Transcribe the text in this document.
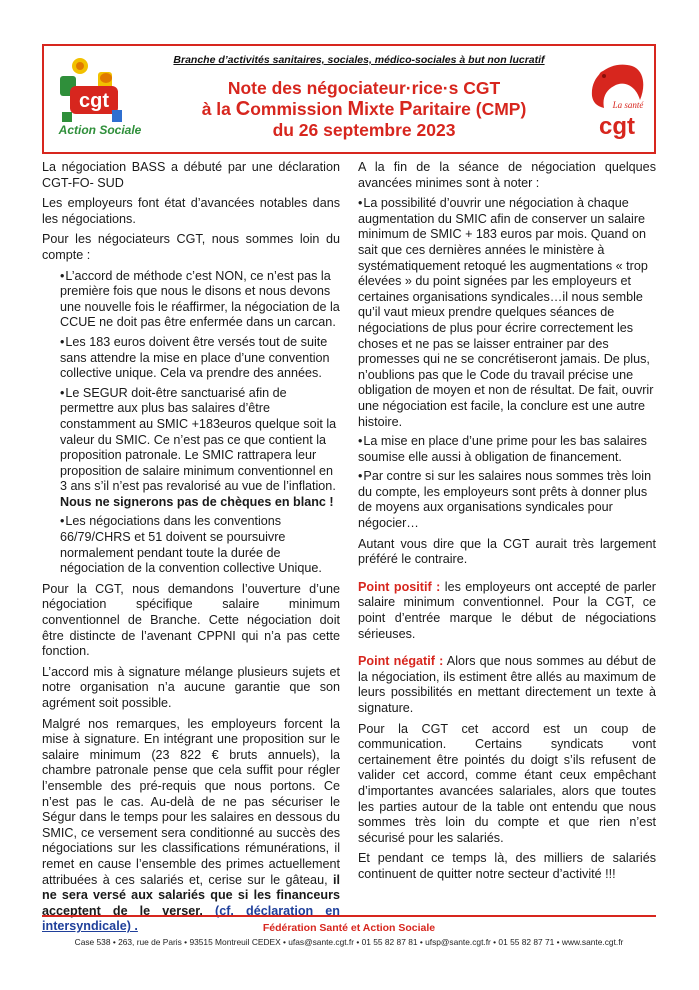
cgt
Action Sociale
Branche d’activités sanitaires, sociales, médico-sociales à but non lucratif
Note des négociateur·rice·s CGT
à la Commission Mixte Paritaire (CMP)
du 26 septembre 2023
La santé
cgt

La négociation BASS a débuté par une déclaration CGT-FO- SUD

Les employeurs font état d’avancées notables dans les négociations.

Pour les négociateurs CGT, nous sommes loin du compte :

• L’accord de méthode c’est NON, ce n’est pas la première fois que nous le disons et nous devons une nouvelle fois le réaffirmer, la négociation de la CCUE ne doit pas être enfermée dans un carcan.
• Les 183 euros doivent être versés tout de suite sans attendre la mise en place d’une convention collective unique. Cela va prendre des années.
• Le SEGUR doit-être sanctuarisé afin de permettre aux plus bas salaires d’être constamment au SMIC +183euros quelque soit la valeur du SMIC. Ce n’est pas ce que contient la proposition patronale. Le SMIC rattrapera leur proposition de salaire minimum conventionnel en 3 ans s’il n’est pas revalorisé au vue de l’inflation. Nous ne signerons pas de chèques en blanc !
• Les négociations dans les conventions 66/79/CHRS et 51 doivent se poursuivre normalement pendant toute la durée de négociation de la convention collective Unique.

Pour la CGT, nous demandons l’ouverture d’une négociation spécifique salaire minimum conventionnel de Branche. Cette négociation doit être distincte de l’avenant CPPNI qui n’a pas cette fonction.

L’accord mis à signature mélange plusieurs sujets et notre organisation n’a aucune garantie que son agrément soit possible.

Malgré nos remarques, les employeurs forcent la mise à signature. En intégrant une proposition sur le salaire minimum (23 822 € bruts annuels), la chambre patronale pense que cela suffit pour régler l’ensemble des pré-requis que nous portons. Ce n’est pas le cas. Au-delà de ne pas sécuriser le Ségur dans le temps pour les salaires en dessous du SMIC, ce versement sera conditionné au succès des négociations sur les classifications rémunérations, il remet en cause l’ensemble des primes actuellement attribuées à ces salariés et, cerise sur le gâteau, il ne sera versé aux salariés que si les financeurs acceptent de le verser. (cf. déclaration en intersyndicale) .

A la fin de la séance de négociation quelques avancées minimes sont à noter :

• La possibilité d’ouvrir une négociation à chaque augmentation du SMIC afin de conserver un salaire minimum de SMIC + 183 euros par mois. Quand on sait que ces dernières années le ministère à systématiquement retoqué les augmentations « trop élevées » du point signées par les employeurs et certaines organisations syndicales…il nous semble qu’il vaut mieux prendre quelques séances de négociations de plus pour écrire correctement les choses et ne pas se laisser entrainer par des promesses qui ne se concrétiseront jamais. De plus, n’oublions pas que le Code du travail précise une obligation de moyen et non de résultat. De fait, ouvrir une négociation est facile, la conclure est une autre histoire.
• La mise en place d’une prime pour les bas salaires soumise elle aussi à obligation de financement.
• Par contre si sur les salaires nous sommes très loin du compte, les employeurs sont prêts à donner plus de moyens aux organisations syndicales pour négocier…

Autant vous dire que la CGT aurait très largement préféré le contraire.

Point positif : les employeurs ont accepté de parler salaire minimum conventionnel. Pour la CGT, ce point d’entrée marque le début de négociations sérieuses.

Point négatif : Alors que nous sommes au début de la négociation, ils estiment être allés au maximum de leurs possibilités en mettant directement un texte à signature.

Pour la CGT cet accord est un coup de communication. Certains syndicats vont certainement être pointés du doigt s’ils refusent de valider cet accord, comme étant ceux empêchant d’importantes avancées salariales, alors que toutes les parties autour de la table ont entendu que nous sommes très loin du compte et que rien n’est sécurisé pour les salariés.

Et pendant ce temps là, des milliers de salariés continuent de quitter notre secteur d’activité !!!

Fédération Santé et Action Sociale
Case 538 • 263, rue de Paris • 93515 Montreuil CEDEX • ufas@sante.cgt.fr • 01 55 82 87 81 • ufsp@sante.cgt.fr • 01 55 82 87 71 • www.sante.cgt.fr
